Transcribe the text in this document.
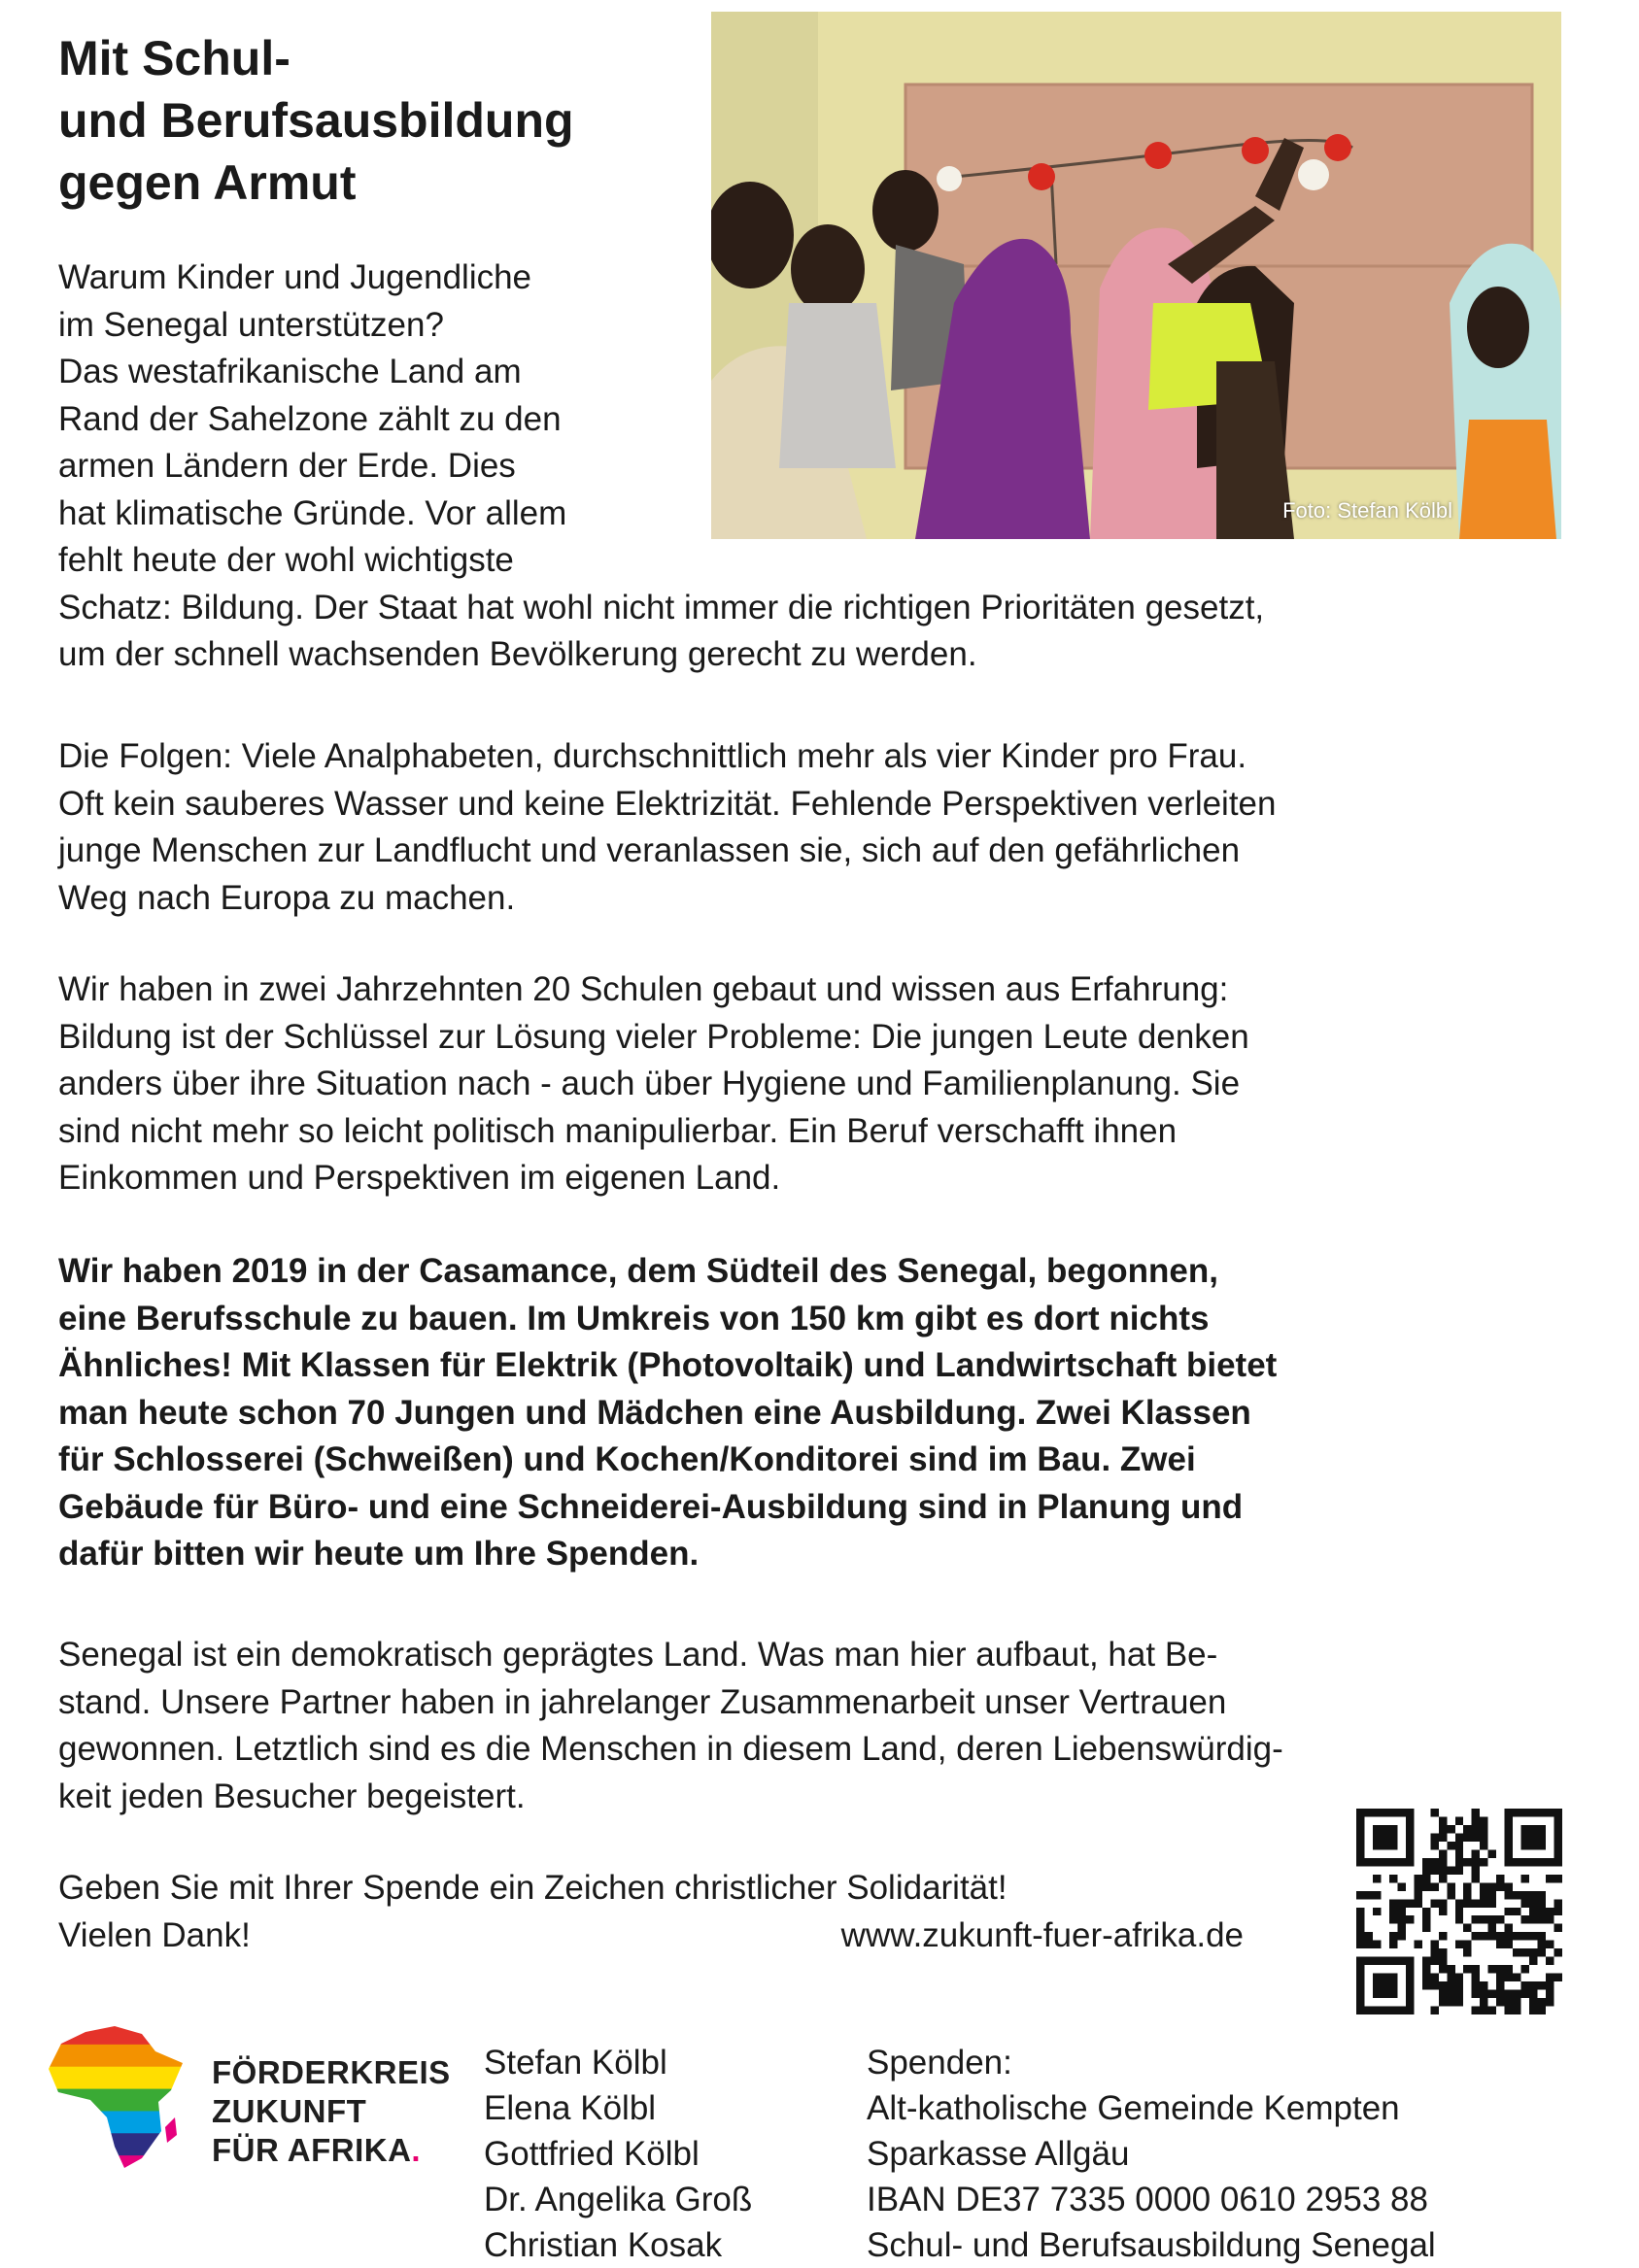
Mit Schul-
und Berufsausbildung
gegen Armut
Foto: Stefan Kölbl
Warum Kinder und Jugendliche
im Senegal unterstützen?
Das westafrikanische Land am
Rand der Sahelzone zählt zu den
armen Ländern der Erde. Dies
hat klimatische Gründe. Vor allem
fehlt heute der wohl wichtigste
Schatz: Bildung. Der Staat hat wohl nicht immer die richtigen Prioritäten gesetzt,
um der schnell wachsenden Bevölkerung gerecht zu werden.
Die Folgen: Viele Analphabeten, durchschnittlich mehr als vier Kinder pro Frau.
Oft kein sauberes Wasser und keine Elektrizität. Fehlende Perspektiven verleiten
junge Menschen zur Landflucht und veranlassen sie, sich auf den gefährlichen
Weg nach Europa zu machen.
Wir haben in zwei Jahrzehnten 20 Schulen gebaut und wissen aus Erfahrung:
Bildung ist der Schlüssel zur Lösung vieler Probleme: Die jungen Leute denken
anders über ihre Situation nach - auch über Hygiene und Familienplanung. Sie
sind nicht mehr so leicht politisch manipulierbar. Ein Beruf verschafft ihnen
Einkommen und Perspektiven im eigenen Land.
Wir haben 2019 in der Casamance, dem Südteil des Senegal, begonnen,
eine Berufsschule zu bauen. Im Umkreis von 150 km gibt es dort nichts
Ähnliches! Mit Klassen für Elektrik (Photovoltaik) und Landwirtschaft bietet
man heute schon 70 Jungen und Mädchen eine Ausbildung. Zwei Klassen
für Schlosserei (Schweißen) und Kochen/Konditorei sind im Bau. Zwei
Gebäude für Büro- und eine Schneiderei-Ausbildung sind in Planung und
dafür bitten wir heute um Ihre Spenden.
Senegal ist ein demokratisch geprägtes Land. Was man hier aufbaut, hat Be-
stand. Unsere Partner haben in jahrelanger Zusammenarbeit unser Vertrauen
gewonnen. Letztlich sind es die Menschen in diesem Land, deren Liebenswürdig-
keit jeden Besucher begeistert.
Geben Sie mit Ihrer Spende ein Zeichen christlicher Solidarität!
Vielen Dank!	www.zukunft-fuer-afrika.de
FÖRDERKREIS
ZUKUNFT
FÜR AFRIKA.
Stefan Kölbl
Elena Kölbl
Gottfried Kölbl
Dr. Angelika Groß
Christian Kosak
Spenden:
Alt-katholische Gemeinde Kempten
Sparkasse Allgäu
IBAN DE37 7335 0000 0610 2953 88
Schul- und Berufsausbildung Senegal
